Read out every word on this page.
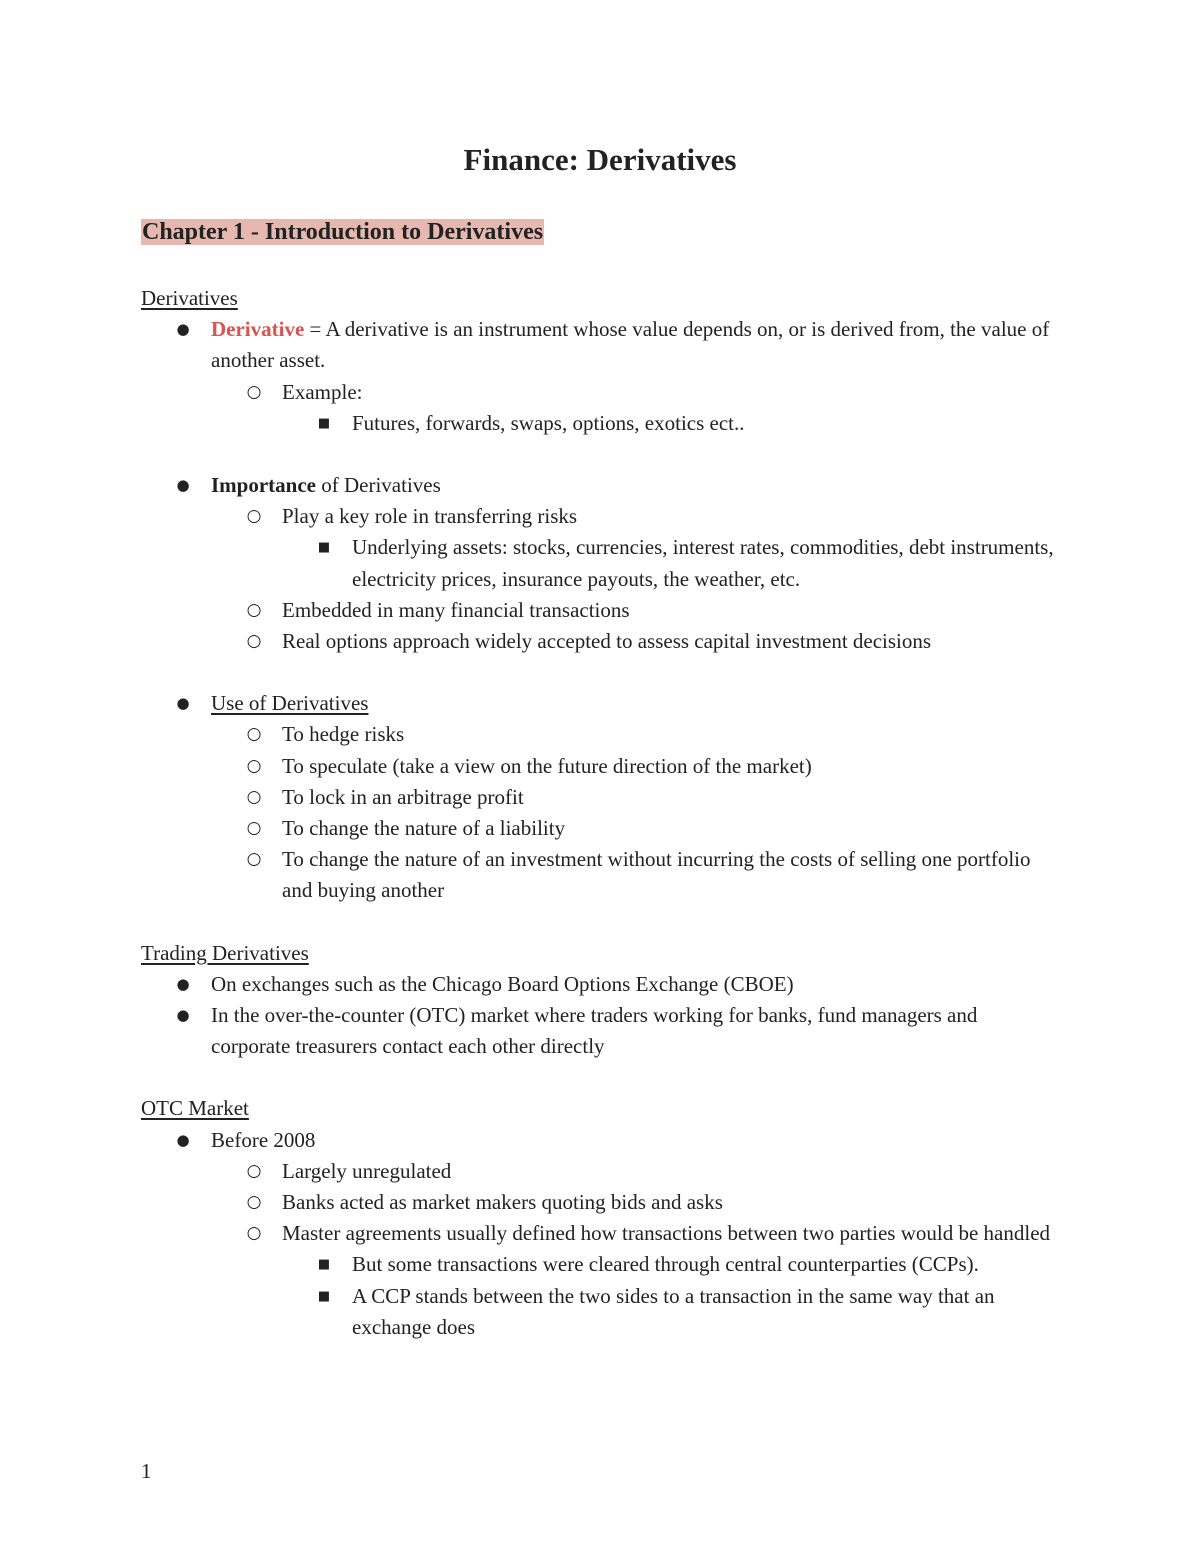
Finance: Derivatives
Chapter 1 - Introduction to Derivatives

Derivatives

● Derivative = A derivative is an instrument whose value depends on, or is derived from, the value of another asset.
○ Example:
■ Futures, forwards, swaps, options, exotics ect..
● Importance of Derivatives
○ Play a key role in transferring risks
■ Underlying assets: stocks, currencies, interest rates, commodities, debt instruments, electricity prices, insurance payouts, the weather, etc.
○ Embedded in many financial transactions
○ Real options approach widely accepted to assess capital investment decisions
● Use of Derivatives
○ To hedge risks
○ To speculate (take a view on the future direction of the market)
○ To lock in an arbitrage profit
○ To change the nature of a liability
○ To change the nature of an investment without incurring the costs of selling one portfolio and buying another

Trading Derivatives

● On exchanges such as the Chicago Board Options Exchange (CBOE)
● In the over-the-counter (OTC) market where traders working for banks, fund managers and corporate treasurers contact each other directly

OTC Market

● Before 2008
○ Largely unregulated
○ Banks acted as market makers quoting bids and asks
○ Master agreements usually defined how transactions between two parties would be handled
■ But some transactions were cleared through central counterparties (CCPs).
■ A CCP stands between the two sides to a transaction in the same way that an exchange does
1
